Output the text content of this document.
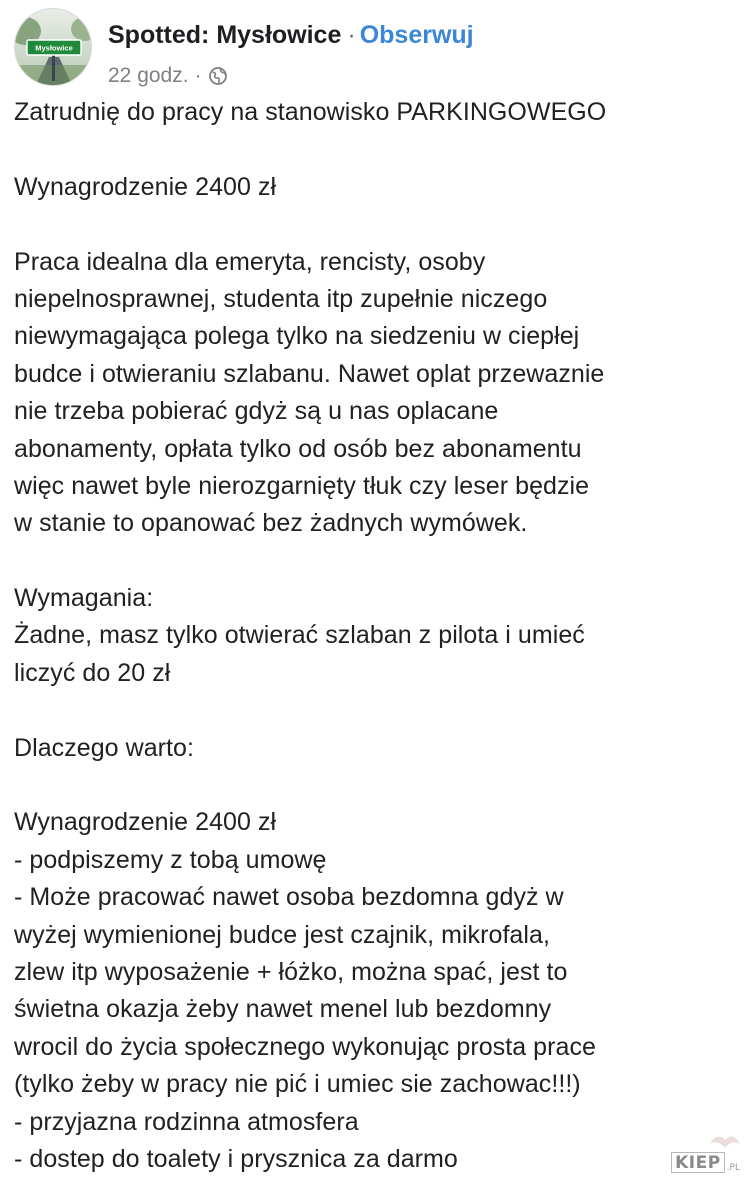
Mysłowice Spotted: Mysłowice · Obserwuj
22 godz. ·
Zatrudnię do pracy na stanowisko PARKINGOWEGO
Wynagrodzenie 2400 zł
Praca idealna dla emeryta, rencisty, osoby
niepelnosprawnej, studenta itp zupełnie niczego
niewymagająca polega tylko na siedzeniu w ciepłej
budce i otwieraniu szlabanu. Nawet oplat przewaznie
nie trzeba pobierać gdyż są u nas oplacane
abonamenty, opłata tylko od osób bez abonamentu
więc nawet byle nierozgarnięty tłuk czy leser będzie
w stanie to opanować bez żadnych wymówek.
Wymagania:
Żadne, masz tylko otwierać szlaban z pilota i umieć
liczyć do 20 zł
Dlaczego warto:
Wynagrodzenie 2400 zł
- podpiszemy z tobą umowę
- Może pracować nawet osoba bezdomna gdyż w
wyżej wymienionej budce jest czajnik, mikrofala,
zlew itp wyposażenie + łóżko, można spać, jest to
świetna okazja żeby nawet menel lub bezdomny
wrocil do życia społecznego wykonując prosta prace
(tylko żeby w pracy nie pić i umiec sie zachowac!!!)
- przyjazna rodzinna atmosfera
- dostep do toalety i prysznica za darmo	KIEP .PL
